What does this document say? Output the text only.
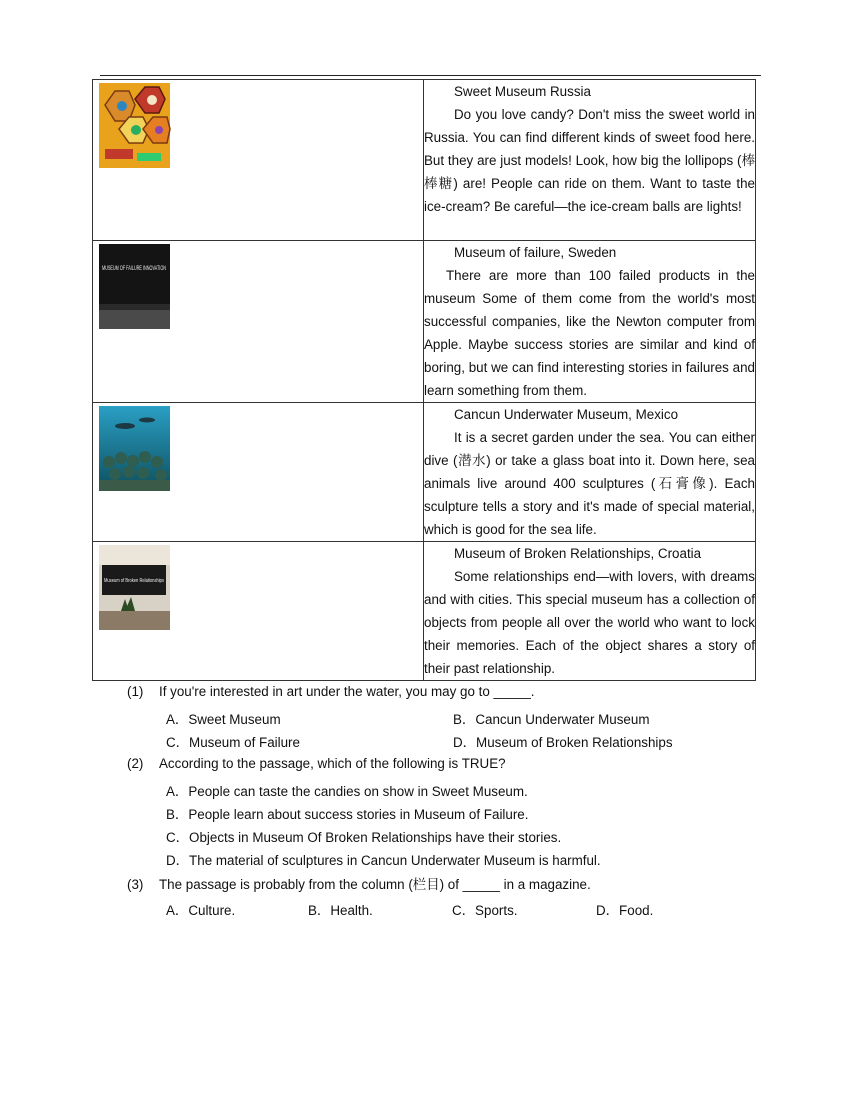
Sweet Museum Russia
Do you love candy? Don't miss the sweet world in Russia. You can find different kinds of sweet food here. But they are just models! Look, how big the lollipops (棒棒糖) are! People can ride on them. Want to taste the ice-cream? Be careful—the ice-cream balls are lights!

MUSEUM OF FAILURE INNOVATION	Museum of failure, Sweden
There are more than 100 failed products in the museum Some of them come from the world's most successful companies, like the Newton computer from Apple. Maybe success stories are similar and kind of boring, but we can find interesting stories in failures and learn something from them.

Cancun Underwater Museum, Mexico
It is a secret garden under the sea. You can either dive (潜水) or take a glass boat into it. Down here, sea animals live around 400 sculptures (石膏像). Each sculpture tells a story and it's made of special material, which is good for the sea life.

Museum of Broken Relationships	Museum of Broken Relationships, Croatia
Some relationships end—with lovers, with dreams and with cities. This special museum has a collection of objects from people all over the world who want to lock their memories. Each of the object shares a story of their past relationship.
(1) If you're interested in art under the water, you may go to _____.
A．Sweet Museum	B．Cancun Underwater Museum
C．Museum of Failure	D．Museum of Broken Relationships
(2) According to the passage, which of the following is TRUE?
A．People can taste the candies on show in Sweet Museum.
B．People learn about success stories in Museum of Failure.
C．Objects in Museum Of Broken Relationships have their stories.
D．The material of sculptures in Cancun Underwater Museum is harmful.
(3) The passage is probably from the column (栏目) of _____ in a magazine.
A．Culture.	B．Health.	C．Sports.	D．Food.
